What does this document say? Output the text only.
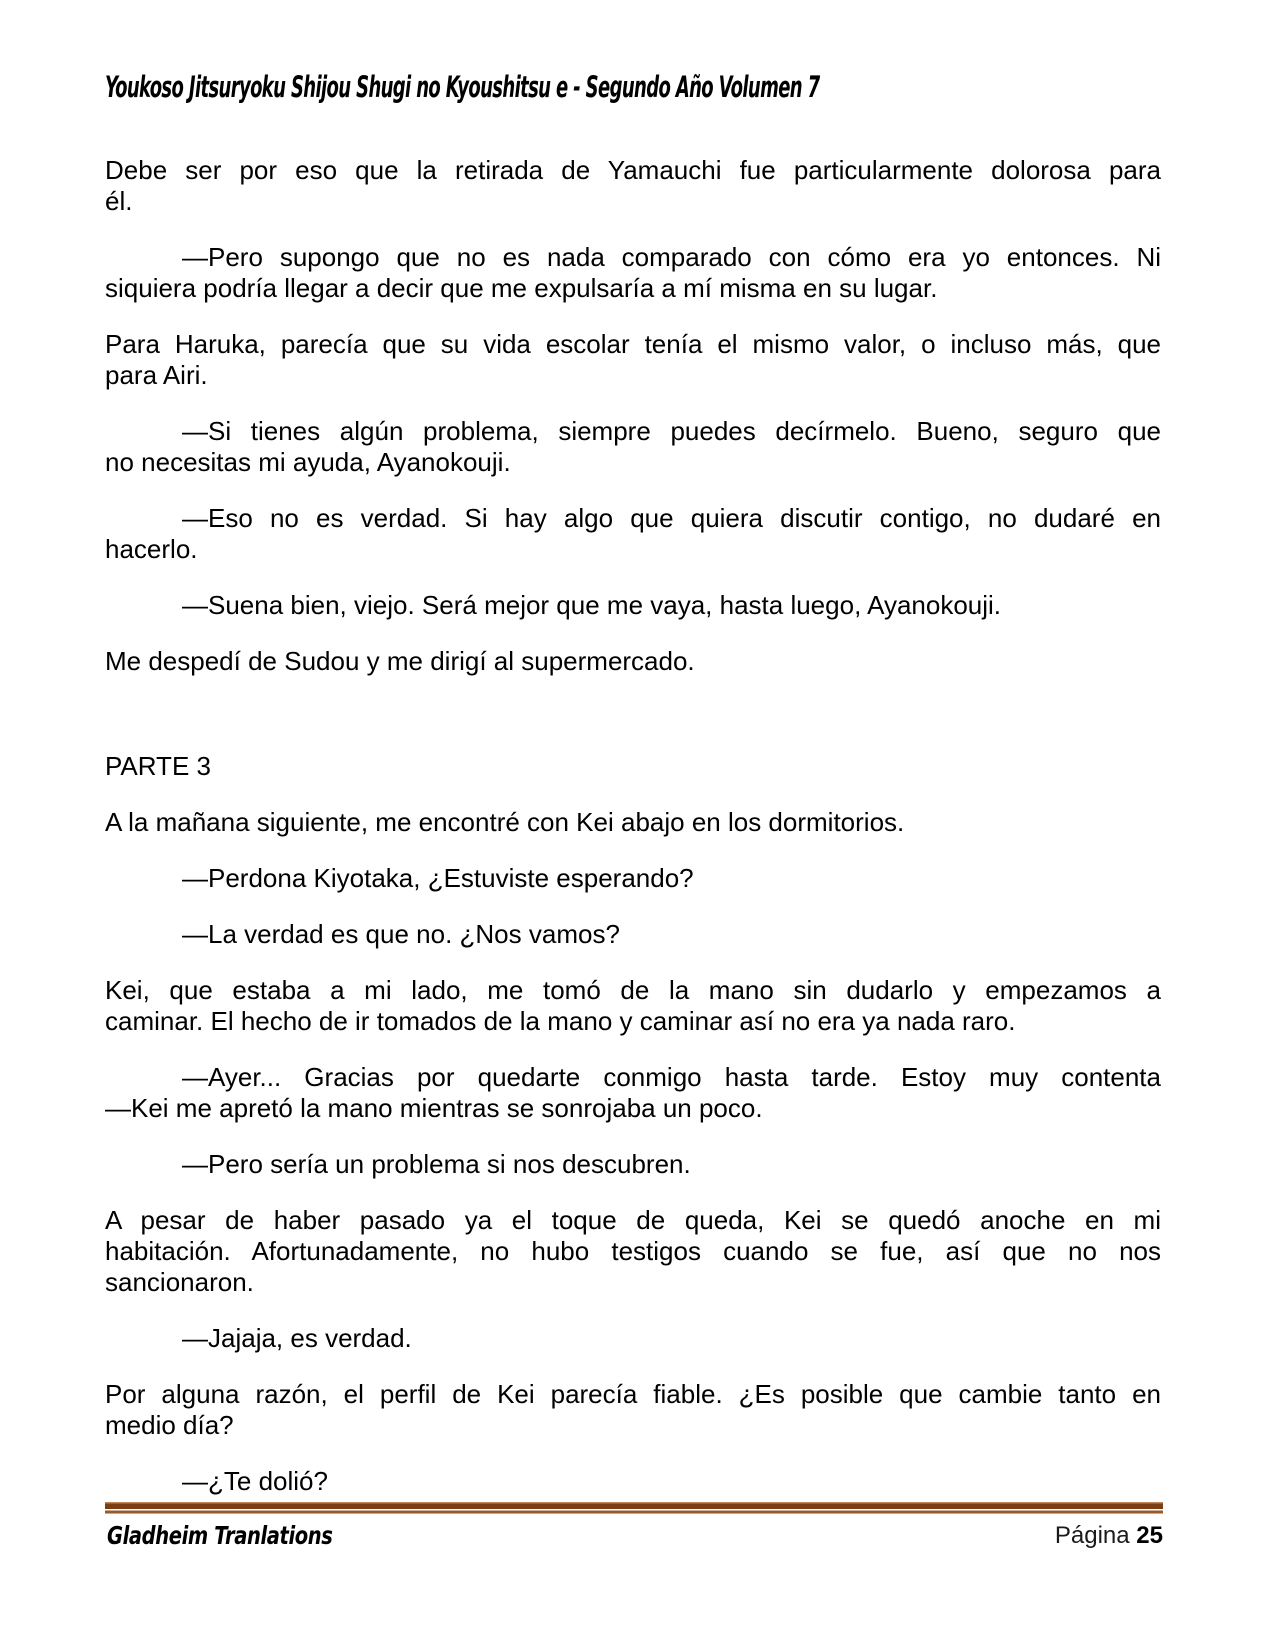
Youkoso Jitsuryoku Shijou Shugi no Kyoushitsu e - Segundo Año Volumen 7

Debe ser por eso que la retirada de Yamauchi fue particularmente dolorosa para
él.

—Pero supongo que no es nada comparado con cómo era yo entonces. Ni
siquiera podría llegar a decir que me expulsaría a mí misma en su lugar.

Para Haruka, parecía que su vida escolar tenía el mismo valor, o incluso más, que
para Airi.

—Si tienes algún problema, siempre puedes decírmelo. Bueno, seguro que
no necesitas mi ayuda, Ayanokouji.

—Eso no es verdad. Si hay algo que quiera discutir contigo, no dudaré en
hacerlo.

—Suena bien, viejo. Será mejor que me vaya, hasta luego, Ayanokouji.

Me despedí de Sudou y me dirigí al supermercado.

PARTE 3

A la mañana siguiente, me encontré con Kei abajo en los dormitorios.

—Perdona Kiyotaka, ¿Estuviste esperando?

—La verdad es que no. ¿Nos vamos?

Kei, que estaba a mi lado, me tomó de la mano sin dudarlo y empezamos a
caminar. El hecho de ir tomados de la mano y caminar así no era ya nada raro.

—Ayer... Gracias por quedarte conmigo hasta tarde. Estoy muy contenta
—Kei me apretó la mano mientras se sonrojaba un poco.

—Pero sería un problema si nos descubren.

A pesar de haber pasado ya el toque de queda, Kei se quedó anoche en mi
habitación. Afortunadamente, no hubo testigos cuando se fue, así que no nos
sancionaron.

—Jajaja, es verdad.

Por alguna razón, el perfil de Kei parecía fiable. ¿Es posible que cambie tanto en
medio día?

—¿Te dolió?

Gladheim Tranlations	Página 25
